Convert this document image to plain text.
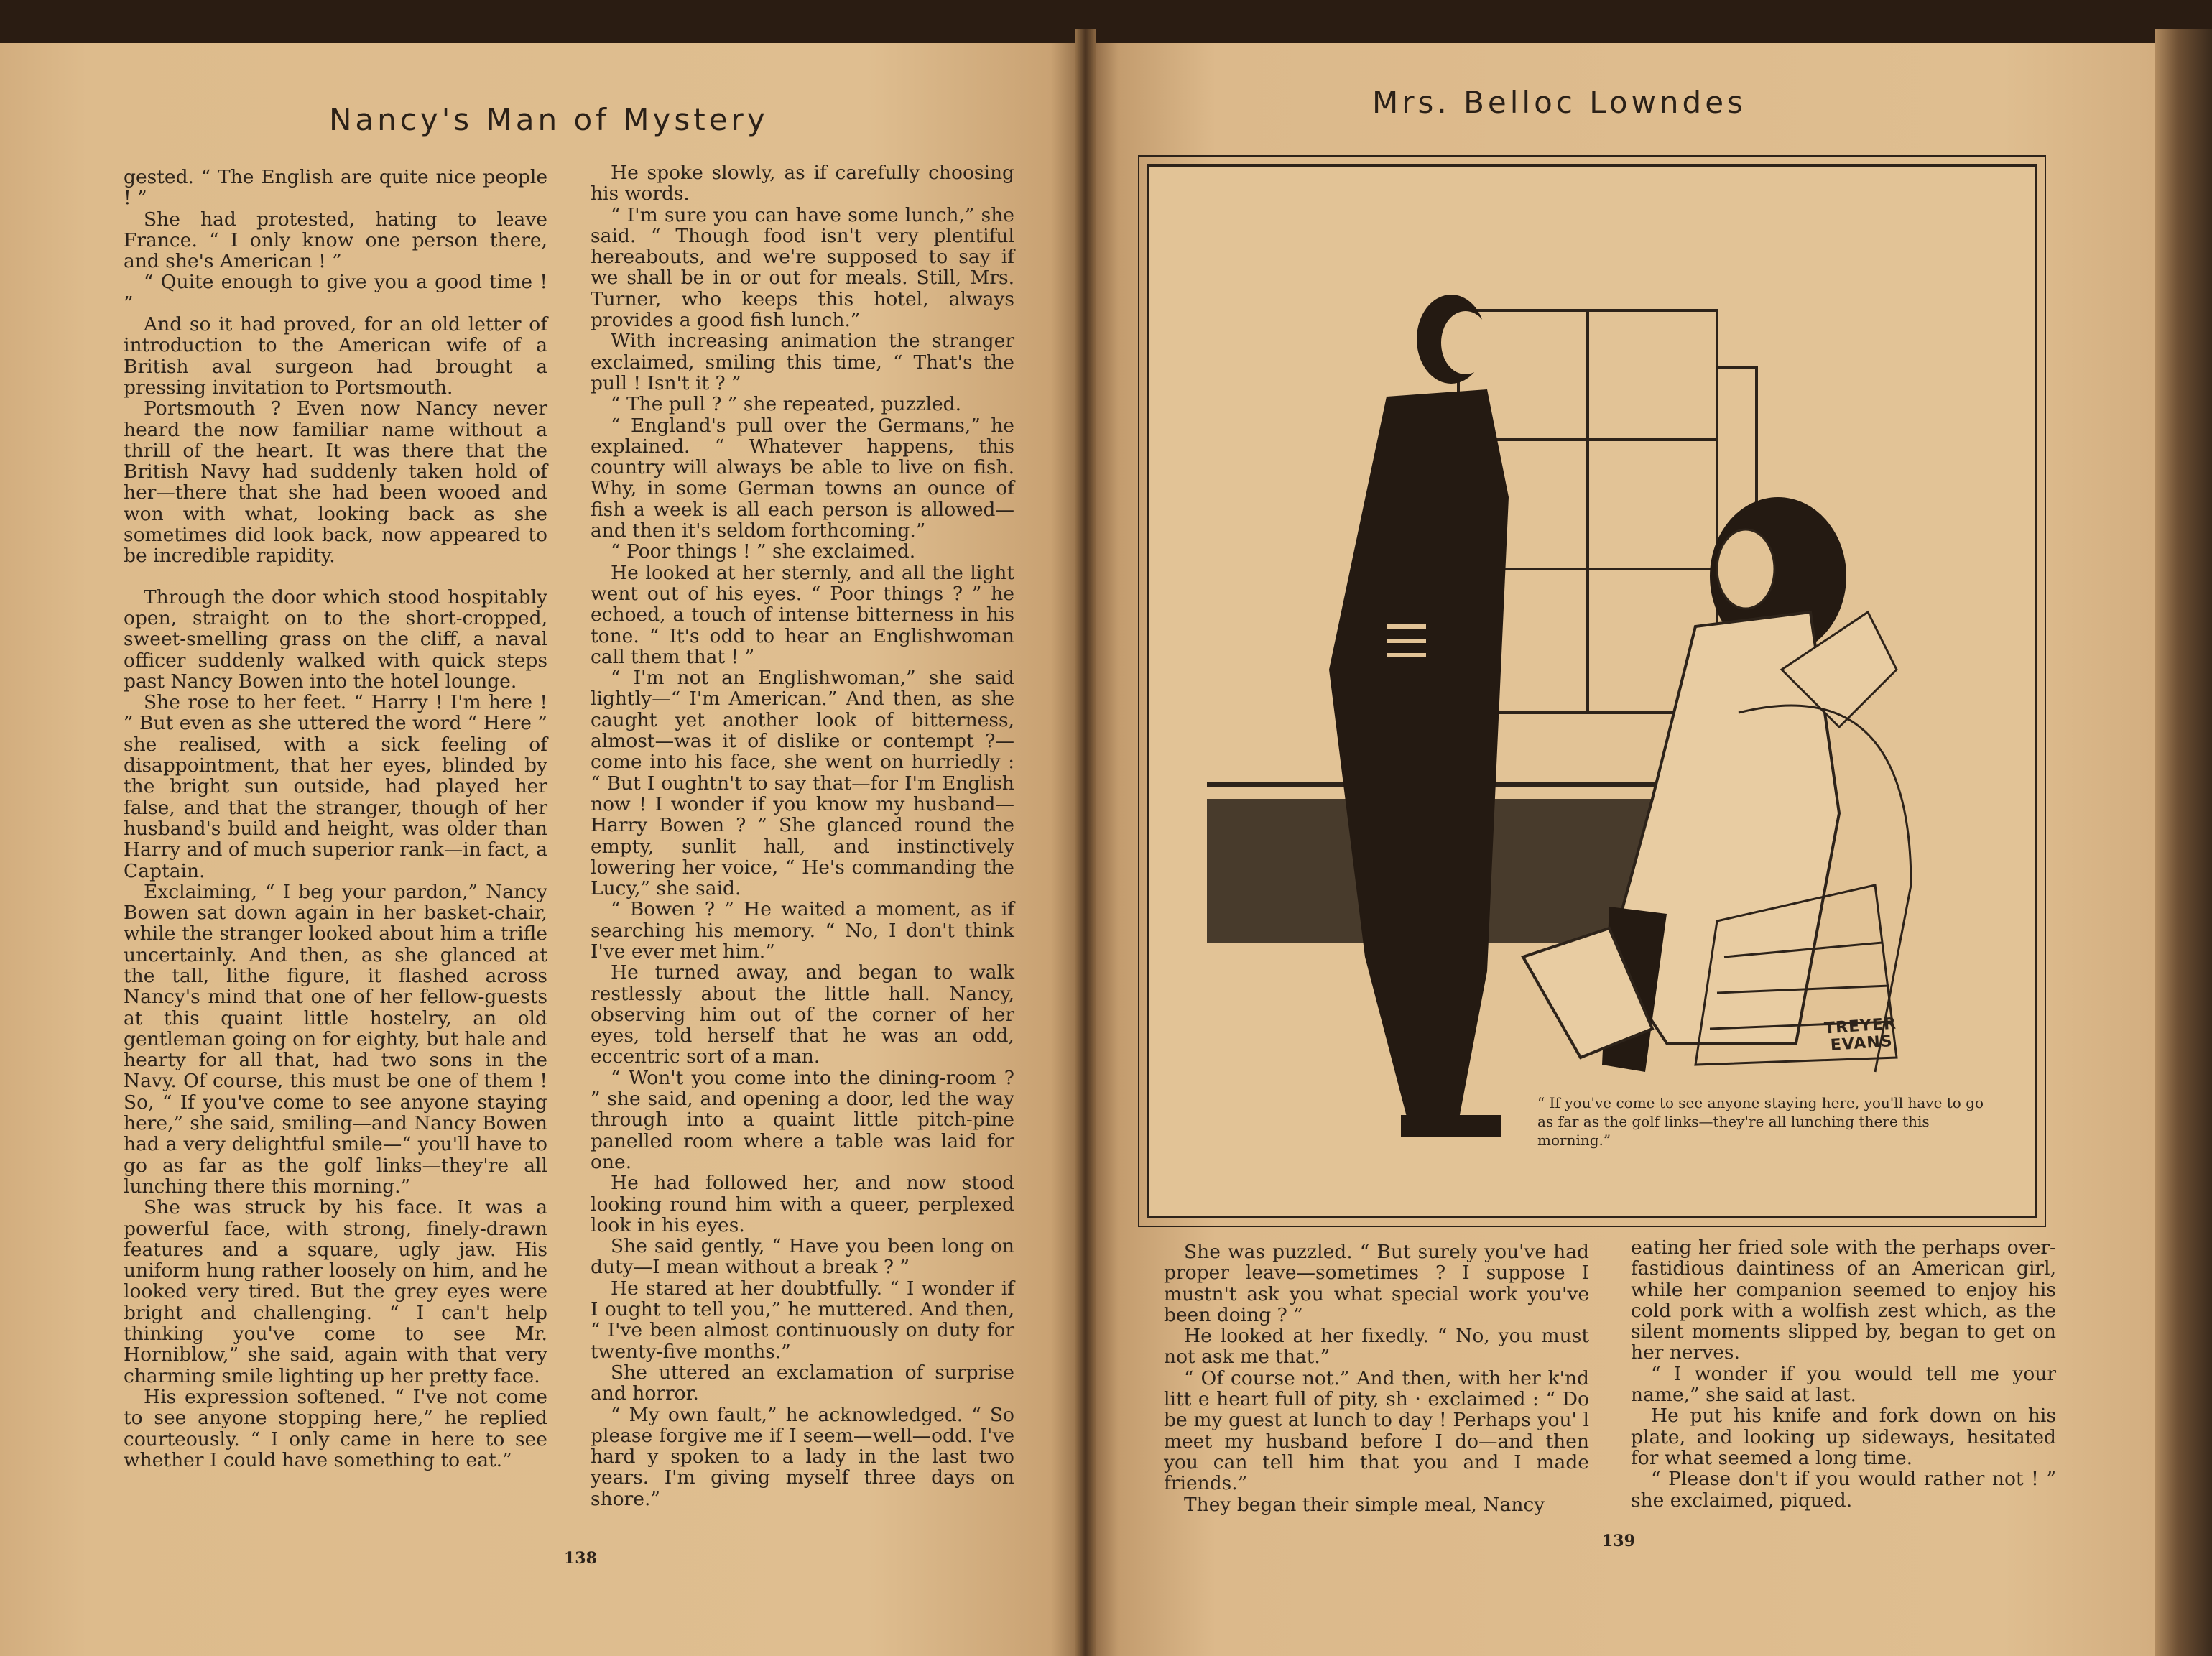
Nancy's Man of Mystery

gested. “ The English are quite nice people ! ”

She had protested, hating to leave France. “ I only know one person there, and she's American ! ”

“ Quite enough to give you a good time ! ”

And so it had proved, for an old letter of introduction to the American wife of a British aval surgeon had brought a pressing invitation to Portsmouth.

Portsmouth ? Even now Nancy never heard the now familiar name without a thrill of the heart. It was there that the British Navy had suddenly taken hold of her—there that she had been wooed and won with what, looking back as she sometimes did look back, now appeared to be incredible rapidity.

Through the door which stood hospitably open, straight on to the short-cropped, sweet-smelling grass on the cliff, a naval officer suddenly walked with quick steps past Nancy Bowen into the hotel lounge.

She rose to her feet. “ Harry ! I'm here ! ” But even as she uttered the word “ Here ” she realised, with a sick feeling of disappointment, that her eyes, blinded by the bright sun outside, had played her false, and that the stranger, though of her husband's build and height, was older than Harry and of much superior rank—in fact, a Captain.

Exclaiming, “ I beg your pardon,” Nancy Bowen sat down again in her basket-chair, while the stranger looked about him a trifle uncertainly. And then, as she glanced at the tall, lithe figure, it flashed across Nancy's mind that one of her fellow-guests at this quaint little hostelry, an old gentleman going on for eighty, but hale and hearty for all that, had two sons in the Navy. Of course, this must be one of them ! So, “ If you've come to see anyone staying here,” she said, smiling—and Nancy Bowen had a very delightful smile—“ you'll have to go as far as the golf links—they're all lunching there this morning.”

She was struck by his face. It was a powerful face, with strong, finely-drawn features and a square, ugly jaw. His uniform hung rather loosely on him, and he looked very tired. But the grey eyes were bright and challenging. “ I can't help thinking you've come to see Mr. Horniblow,” she said, again with that very charming smile lighting up her pretty face.

His expression softened. “ I've not come to see anyone stopping here,” he replied courteously. “ I only came in here to see whether I could have something to eat.”

He spoke slowly, as if carefully choosing his words.

“ I'm sure you can have some lunch,” she said. “ Though food isn't very plentiful hereabouts, and we're supposed to say if we shall be in or out for meals. Still, Mrs. Turner, who keeps this hotel, always provides a good fish lunch.”

With increasing animation the stranger exclaimed, smiling this time, “ That's the pull ! Isn't it ? ”

“ The pull ? ” she repeated, puzzled.

“ England's pull over the Germans,” he explained. “ Whatever happens, this country will always be able to live on fish. Why, in some German towns an ounce of fish a week is all each person is allowed—and then it's seldom forthcoming.”

“ Poor things ! ” she exclaimed.

He looked at her sternly, and all the light went out of his eyes. “ Poor things ? ” he echoed, a touch of intense bitterness in his tone. “ It's odd to hear an Englishwoman call them that ! ”

“ I'm not an Englishwoman,” she said lightly—“ I'm American.” And then, as she caught yet another look of bitterness, almost—was it of dislike or contempt ?—come into his face, she went on hurriedly : “ But I oughtn't to say that—for I'm English now ! I wonder if you know my husband—Harry Bowen ? ” She glanced round the empty, sunlit hall, and instinctively lowering her voice, “ He's commanding the Lucy,” she said.

“ Bowen ? ” He waited a moment, as if searching his memory. “ No, I don't think I've ever met him.”

He turned away, and began to walk restlessly about the little hall. Nancy, observing him out of the corner of her eyes, told herself that he was an odd, eccentric sort of a man.

“ Won't you come into the dining-room ? ” she said, and opening a door, led the way through into a quaint little pitch-pine panelled room where a table was laid for one.

He had followed her, and now stood looking round him with a queer, perplexed look in his eyes.

She said gently, “ Have you been long on duty—I mean without a break ? ”

He stared at her doubtfully. “ I wonder if I ought to tell you,” he muttered. And then, “ I've been almost continuously on duty for twenty-five months.”

She uttered an exclamation of surprise and horror.

“ My own fault,” he acknowledged. “ So please forgive me if I seem—well—odd. I've hard y spoken to a lady in the last two years. I'm giving myself three days on shore.”

138
Mrs. Belloc Lowndes
TREYER
EVANS
“ If you've come to see anyone staying here, you'll have to go as far as the golf links—they're all lunching there this morning.”

She was puzzled. “ But surely you've had proper leave—sometimes ? I suppose I mustn't ask you what special work you've been doing ? ”

He looked at her fixedly. “ No, you must not ask me that.”

“ Of course not.” And then, with her k'nd litt e heart full of pity, sh · exclaimed : “ Do be my guest at lunch to day ! Perhaps you' l meet my husband before I do—and then you can tell him that you and I made friends.”

They began their simple meal, Nancy

eating her fried sole with the perhaps over-fastidious daintiness of an American girl, while her companion seemed to enjoy his cold pork with a wolfish zest which, as the silent moments slipped by, began to get on her nerves.

“ I wonder if you would tell me your name,” she said at last.

He put his knife and fork down on his plate, and looking up sideways, hesitated for what seemed a long time.

“ Please don't if you would rather not ! ” she exclaimed, piqued.

139
